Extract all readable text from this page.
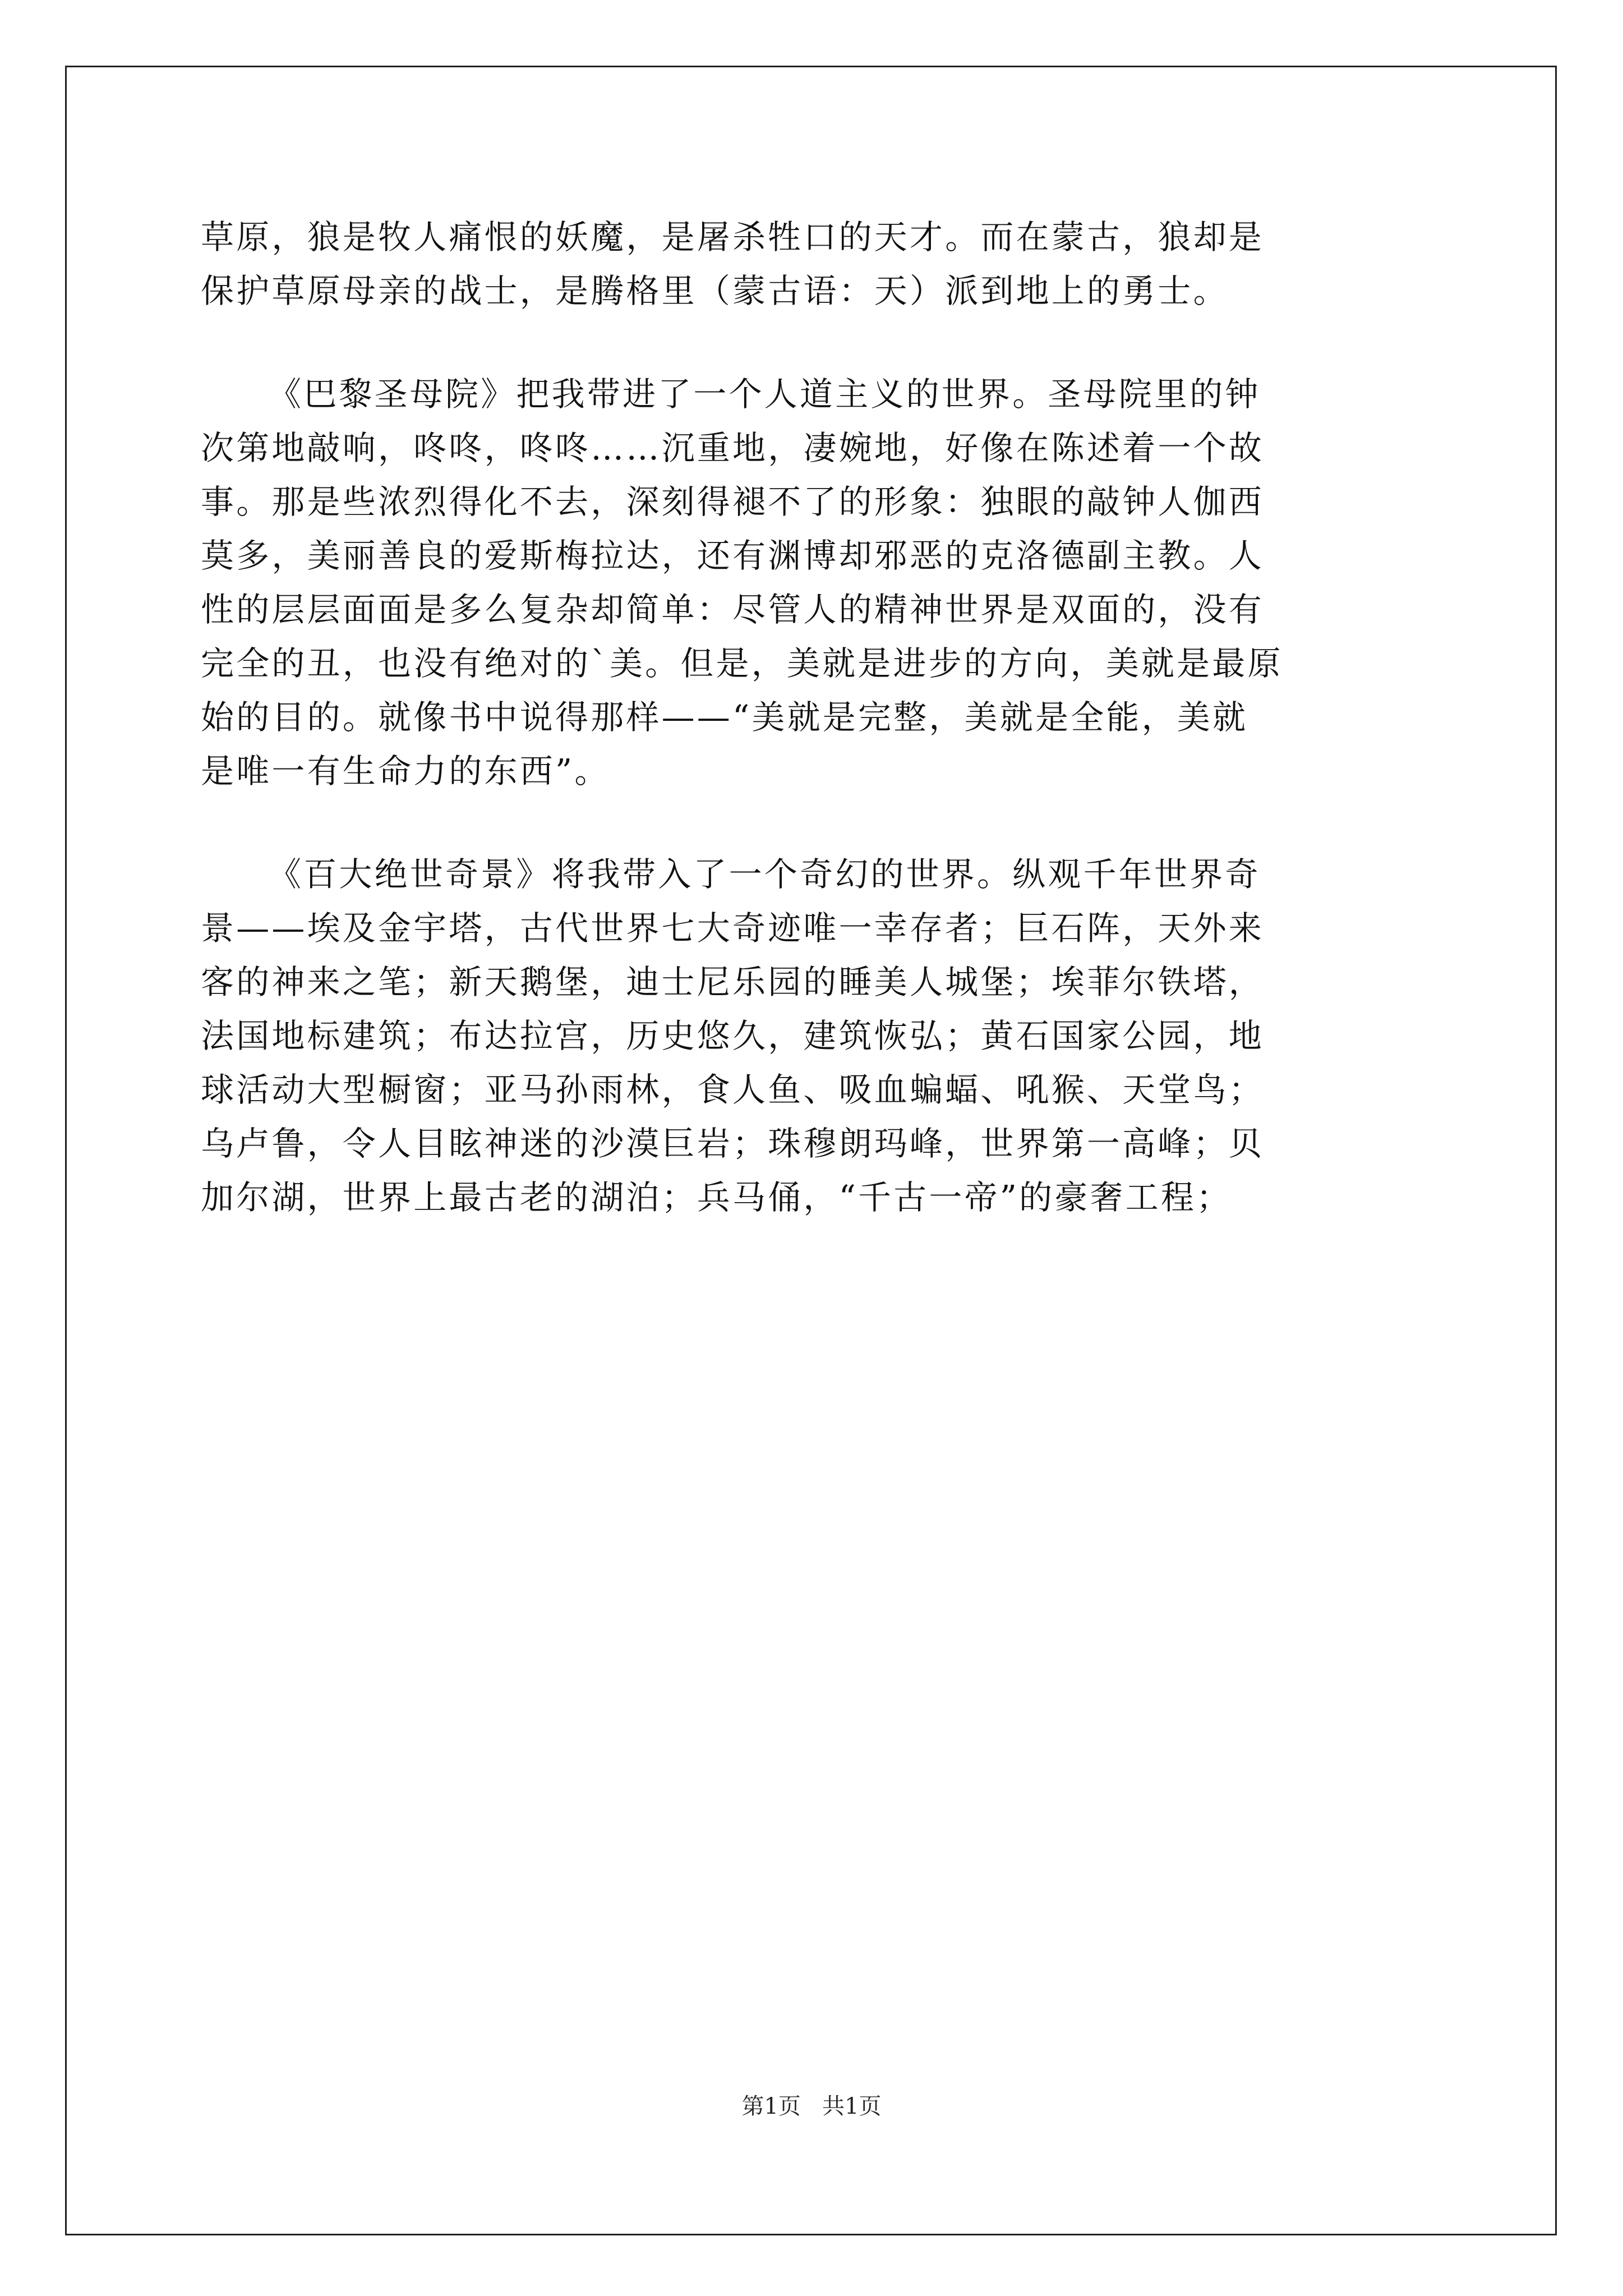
草原，狼是牧人痛恨的妖魔，是屠杀牲口的天才。而在蒙古，狼却是
保护草原母亲的战士，是腾格里（蒙古语：天）派到地上的勇士。
《巴黎圣母院》把我带进了一个人道主义的世界。圣母院里的钟
次第地敲响，咚咚，咚咚……沉重地，凄婉地，好像在陈述着一个故
事。那是些浓烈得化不去，深刻得褪不了的形象：独眼的敲钟人伽西
莫多，美丽善良的爱斯梅拉达，还有渊博却邪恶的克洛德副主教。人
性的层层面面是多么复杂却简单：尽管人的精神世界是双面的，没有
完全的丑，也没有绝对的`美。但是，美就是进步的方向，美就是最原
始的目的。就像书中说得那样——“美就是完整，美就是全能，美就
是唯一有生命力的东西”。
《百大绝世奇景》将我带入了一个奇幻的世界。纵观千年世界奇
景——埃及金宇塔，古代世界七大奇迹唯一幸存者；巨石阵，天外来
客的神来之笔；新天鹅堡，迪士尼乐园的睡美人城堡；埃菲尔铁塔，
法国地标建筑；布达拉宫，历史悠久，建筑恢弘；黄石国家公园，地
球活动大型橱窗；亚马孙雨林，食人鱼、吸血蝙蝠、吼猴、天堂鸟；
乌卢鲁，令人目眩神迷的沙漠巨岩；珠穆朗玛峰，世界第一高峰；贝
加尔湖，世界上最古老的湖泊；兵马俑，“千古一帝”的豪奢工程；
第1页   共1页
